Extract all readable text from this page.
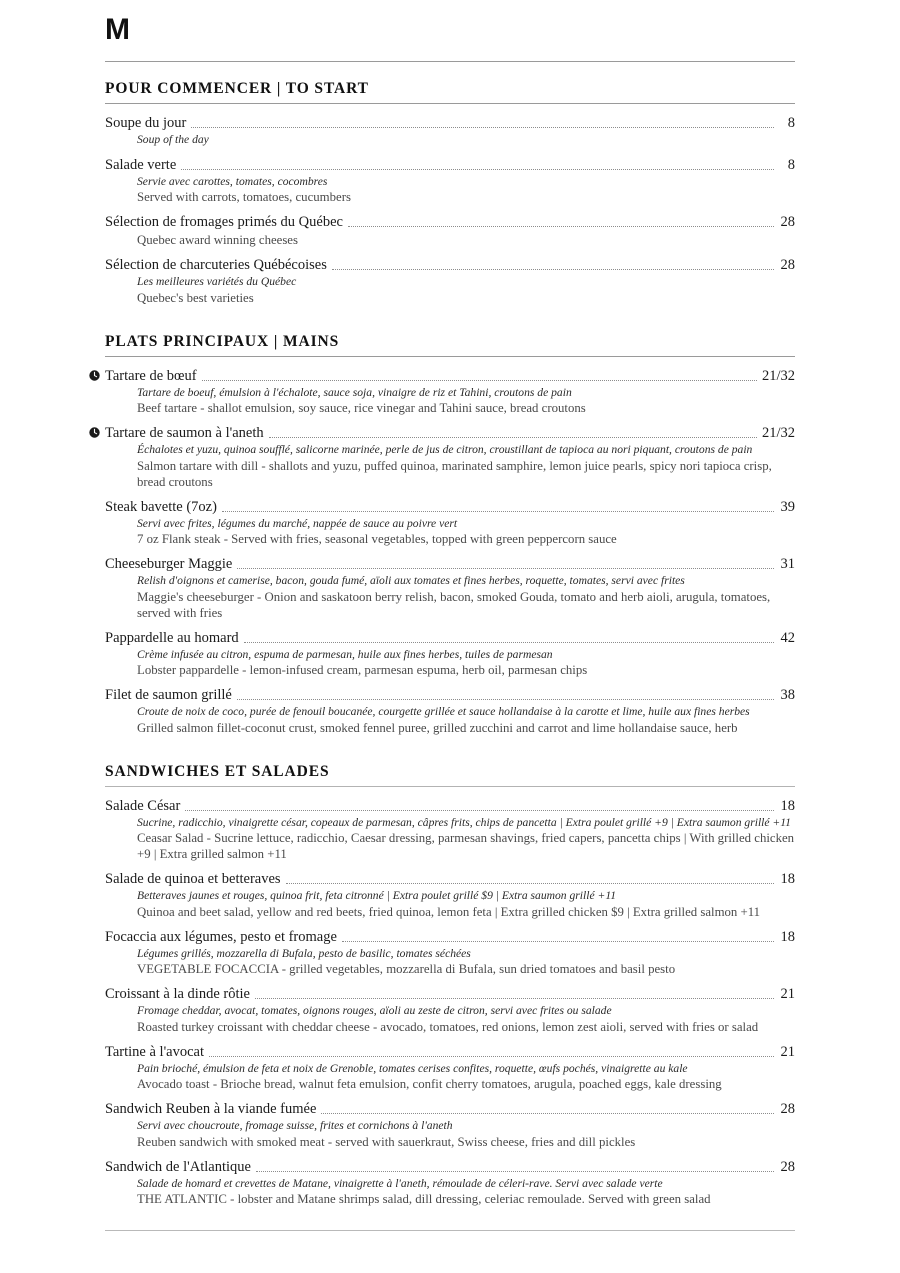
M
POUR COMMENCER | TO START
Soupe du jour	8
Soup of the day
Salade verte	8
Servie avec carottes, tomates, cocombres
Served with carrots, tomatoes, cucumbers
Sélection de fromages primés du Québec	28
Quebec award winning cheeses
Sélection de charcuteries Québécoises	28
Les meilleures variétés du Québec
Quebec's best varieties
PLATS PRINCIPAUX | MAINS
Tartare de bœuf	21/32
Tartare de boeuf, émulsion à l'échalote, sauce soja, vinaigre de riz et Tahini, croutons de pain
Beef tartare - shallot emulsion, soy sauce, rice vinegar and Tahini sauce, bread croutons
Tartare de saumon à l'aneth	21/32
Échalotes et yuzu, quinoa soufflé, salicorne marinée, perle de jus de citron, croustillant de tapioca au nori piquant, croutons de pain
Salmon tartare with dill - shallots and yuzu, puffed quinoa, marinated samphire, lemon juice pearls, spicy nori tapioca crisp, bread croutons
Steak bavette (7oz)	39
Servi avec frites, légumes du marché, nappée de sauce au poivre vert
7 oz Flank steak - Served with fries, seasonal vegetables, topped with green peppercorn sauce
Cheeseburger Maggie	31
Relish d'oignons et camerise, bacon, gouda fumé, aïoli aux tomates et fines herbes, roquette, tomates, servi avec frites
Maggie's cheeseburger - Onion and saskatoon berry relish, bacon, smoked Gouda, tomato and herb aioli, arugula, tomatoes, served with fries
Pappardelle au homard	42
Crème infusée au citron, espuma de parmesan, huile aux fines herbes, tuiles de parmesan
Lobster pappardelle - lemon-infused cream, parmesan espuma, herb oil, parmesan chips
Filet de saumon grillé	38
Croute de noix de coco, purée de fenouil boucanée, courgette grillée et sauce hollandaise à la carotte et lime, huile aux fines herbes
Grilled salmon fillet-coconut crust, smoked fennel puree, grilled zucchini and carrot and lime hollandaise sauce, herb
SANDWICHES ET SALADES
Salade César	18
Sucrine, radicchio, vinaigrette césar, copeaux de parmesan, câpres frits, chips de pancetta | Extra poulet grillé +9 | Extra saumon grillé +11
Ceasar Salad - Sucrine lettuce, radicchio, Caesar dressing, parmesan shavings, fried capers, pancetta chips | With grilled chicken +9 | Extra grilled salmon +11
Salade de quinoa et betteraves	18
Betteraves jaunes et rouges, quinoa frit, feta citronné | Extra poulet grillé $9 | Extra saumon grillé +11
Quinoa and beet salad, yellow and red beets, fried quinoa, lemon feta | Extra grilled chicken $9 | Extra grilled salmon +11
Focaccia aux légumes, pesto et fromage	18
Légumes grillés, mozzarella di Bufala, pesto de basilic, tomates séchées
VEGETABLE FOCACCIA - grilled vegetables, mozzarella di Bufala, sun dried tomatoes and basil pesto
Croissant à la dinde rôtie	21
Fromage cheddar, avocat, tomates, oignons rouges, aïoli au zeste de citron, servi avec frites ou salade
Roasted turkey croissant with cheddar cheese - avocado, tomatoes, red onions, lemon zest aioli, served with fries or salad
Tartine à l'avocat	21
Pain brioché, émulsion de feta et noix de Grenoble, tomates cerises confites, roquette, œufs pochés, vinaigrette au kale
Avocado toast - Brioche bread, walnut feta emulsion, confit cherry tomatoes, arugula, poached eggs, kale dressing
Sandwich Reuben à la viande fumée	28
Servi avec choucroute, fromage suisse, frites et cornichons à l'aneth
Reuben sandwich with smoked meat - served with sauerkraut, Swiss cheese, fries and dill pickles
Sandwich de l'Atlantique	28
Salade de homard et crevettes de Matane, vinaigrette à l'aneth, rémoulade de céleri-rave. Servi avec salade verte
THE ATLANTIC - lobster and Matane shrimps salad, dill dressing, celeriac remoulade. Served with green salad
